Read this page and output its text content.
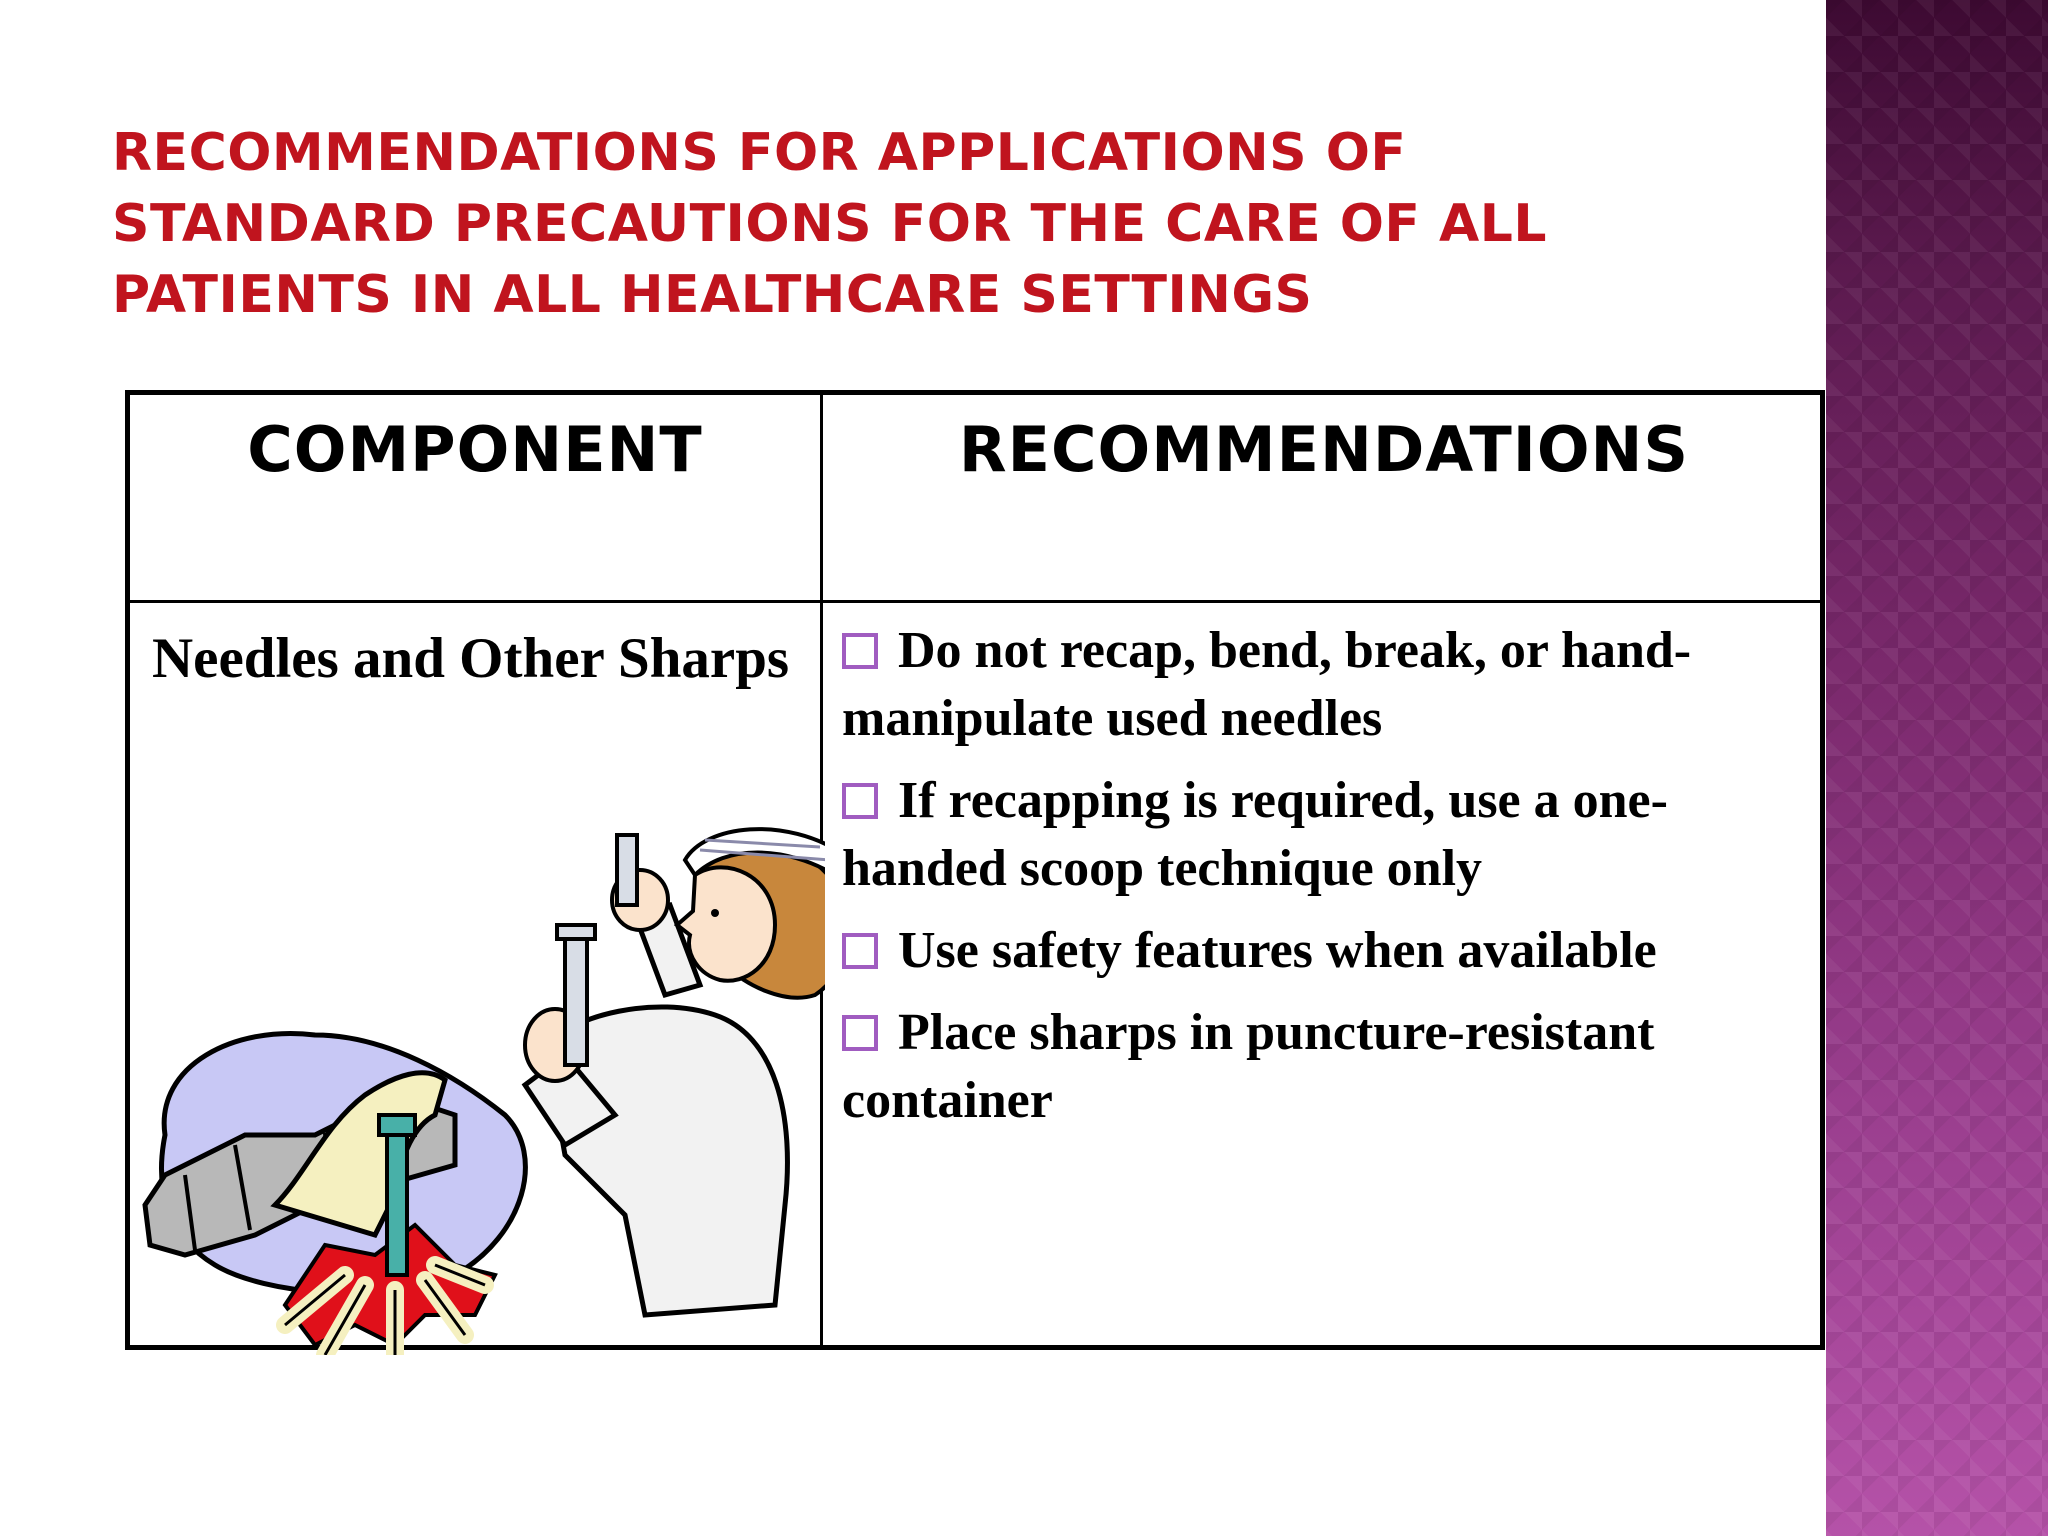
RECOMMENDATIONS FOR APPLICATIONS OF STANDARD PRECAUTIONS FOR THE CARE OF ALL PATIENTS IN ALL HEALTHCARE SETTINGS
COMPONENT	RECOMMENDATIONS

Needles and Other Sharps	Do not recap, bend, break, or hand-manipulate used needles
If recapping is required, use a one-handed scoop technique only
Use safety features when available
Place sharps in puncture-resistant container
